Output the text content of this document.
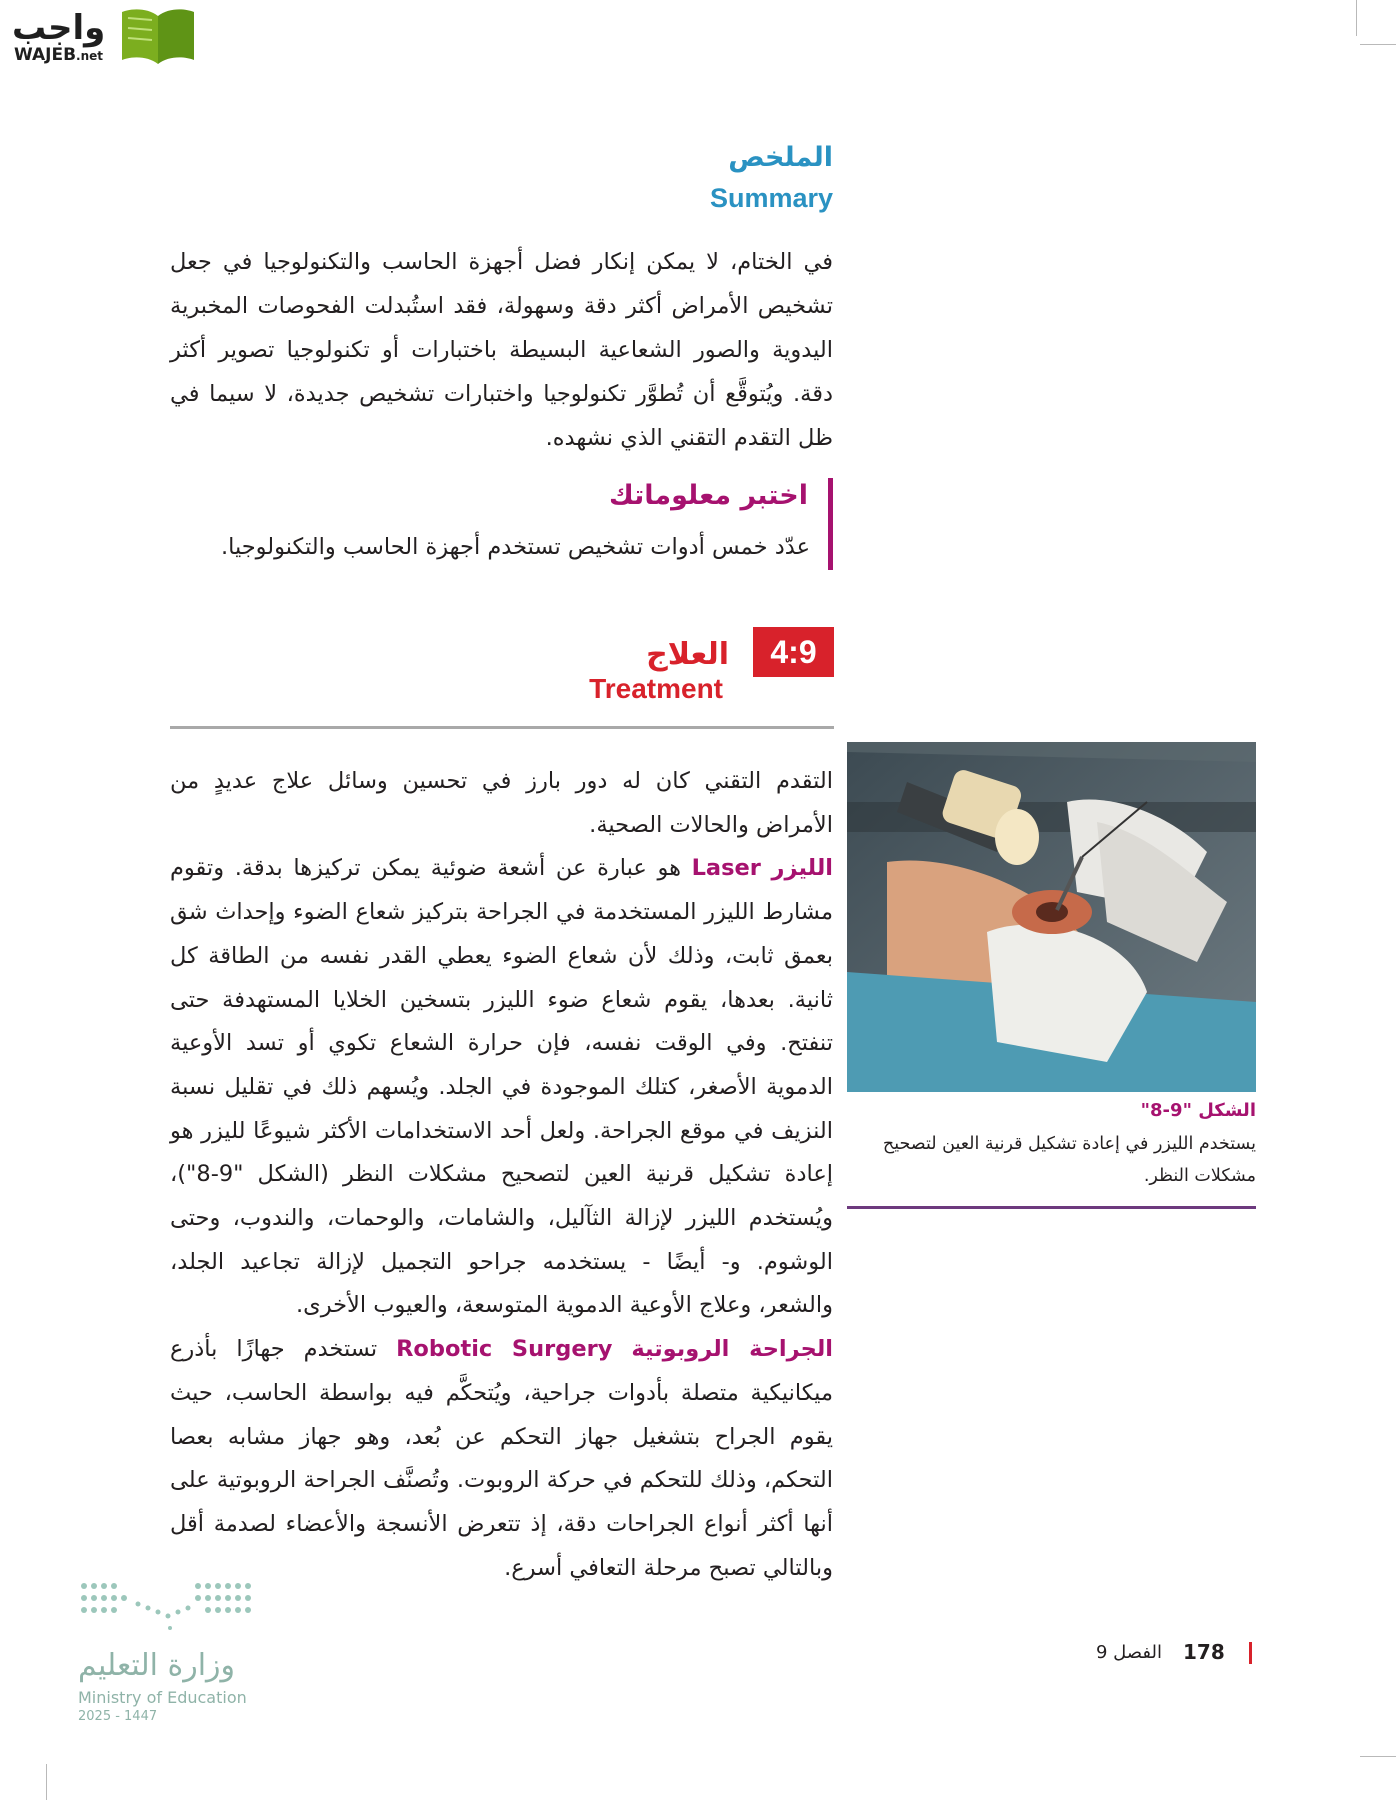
واجب
WAJEB.net
الملخص
Summary
في الختام، لا يمكن إنكار فضل أجهزة الحاسب والتكنولوجيا في جعل تشخيص الأمراض أكثر دقة وسهولة، فقد استُبدلت الفحوصات المخبرية اليدوية والصور الشعاعية البسيطة باختبارات أو تكنولوجيا تصوير أكثر دقة. ويُتوقَّع أن تُطوَّر تكنولوجيا واختبارات تشخيص جديدة، لا سيما في ظل التقدم التقني الذي نشهده.
اختبر معلوماتك
عدّد خمس أدوات تشخيص تستخدم أجهزة الحاسب والتكنولوجيا.
4:9
العلاج
Treatment

التقدم التقني كان له دور بارز في تحسين وسائل علاج عديدٍ من الأمراض والحالات الصحية.

الليزر Laser هو عبارة عن أشعة ضوئية يمكن تركيزها بدقة. وتقوم مشارط الليزر المستخدمة في الجراحة بتركيز شعاع الضوء وإحداث شق بعمق ثابت، وذلك لأن شعاع الضوء يعطي القدر نفسه من الطاقة كل ثانية. بعدها، يقوم شعاع ضوء الليزر بتسخين الخلايا المستهدفة حتى تنفتح. وفي الوقت نفسه، فإن حرارة الشعاع تكوي أو تسد الأوعية الدموية الأصغر، كتلك الموجودة في الجلد. ويُسهم ذلك في تقليل نسبة النزيف في موقع الجراحة. ولعل أحد الاستخدامات الأكثر شيوعًا لليزر هو إعادة تشكيل قرنية العين لتصحيح مشكلات النظر (الشكل "9-8")، ويُستخدم الليزر لإزالة الثآليل، والشامات، والوحمات، والندوب، وحتى الوشوم. و- أيضًا - يستخدمه جراحو التجميل لإزالة تجاعيد الجلد، والشعر، وعلاج الأوعية الدموية المتوسعة، والعيوب الأخرى.

الجراحة الروبوتية Robotic Surgery تستخدم جهازًا بأذرع ميكانيكية متصلة بأدوات جراحية، ويُتحكَّم فيه بواسطة الحاسب، حيث يقوم الجراح بتشغيل جهاز التحكم عن بُعد، وهو جهاز مشابه بعصا التحكم، وذلك للتحكم في حركة الروبوت. وتُصنَّف الجراحة الروبوتية على أنها أكثر أنواع الجراحات دقة، إذ تتعرض الأنسجة والأعضاء لصدمة أقل وبالتالي تصبح مرحلة التعافي أسرع.

الشكل "9-8"
يستخدم الليزر في إعادة تشكيل قرنية العين لتصحيح مشكلات النظر.
وزارة التعليم
Ministry of Education
2025 - 1447
178
الفصل 9
